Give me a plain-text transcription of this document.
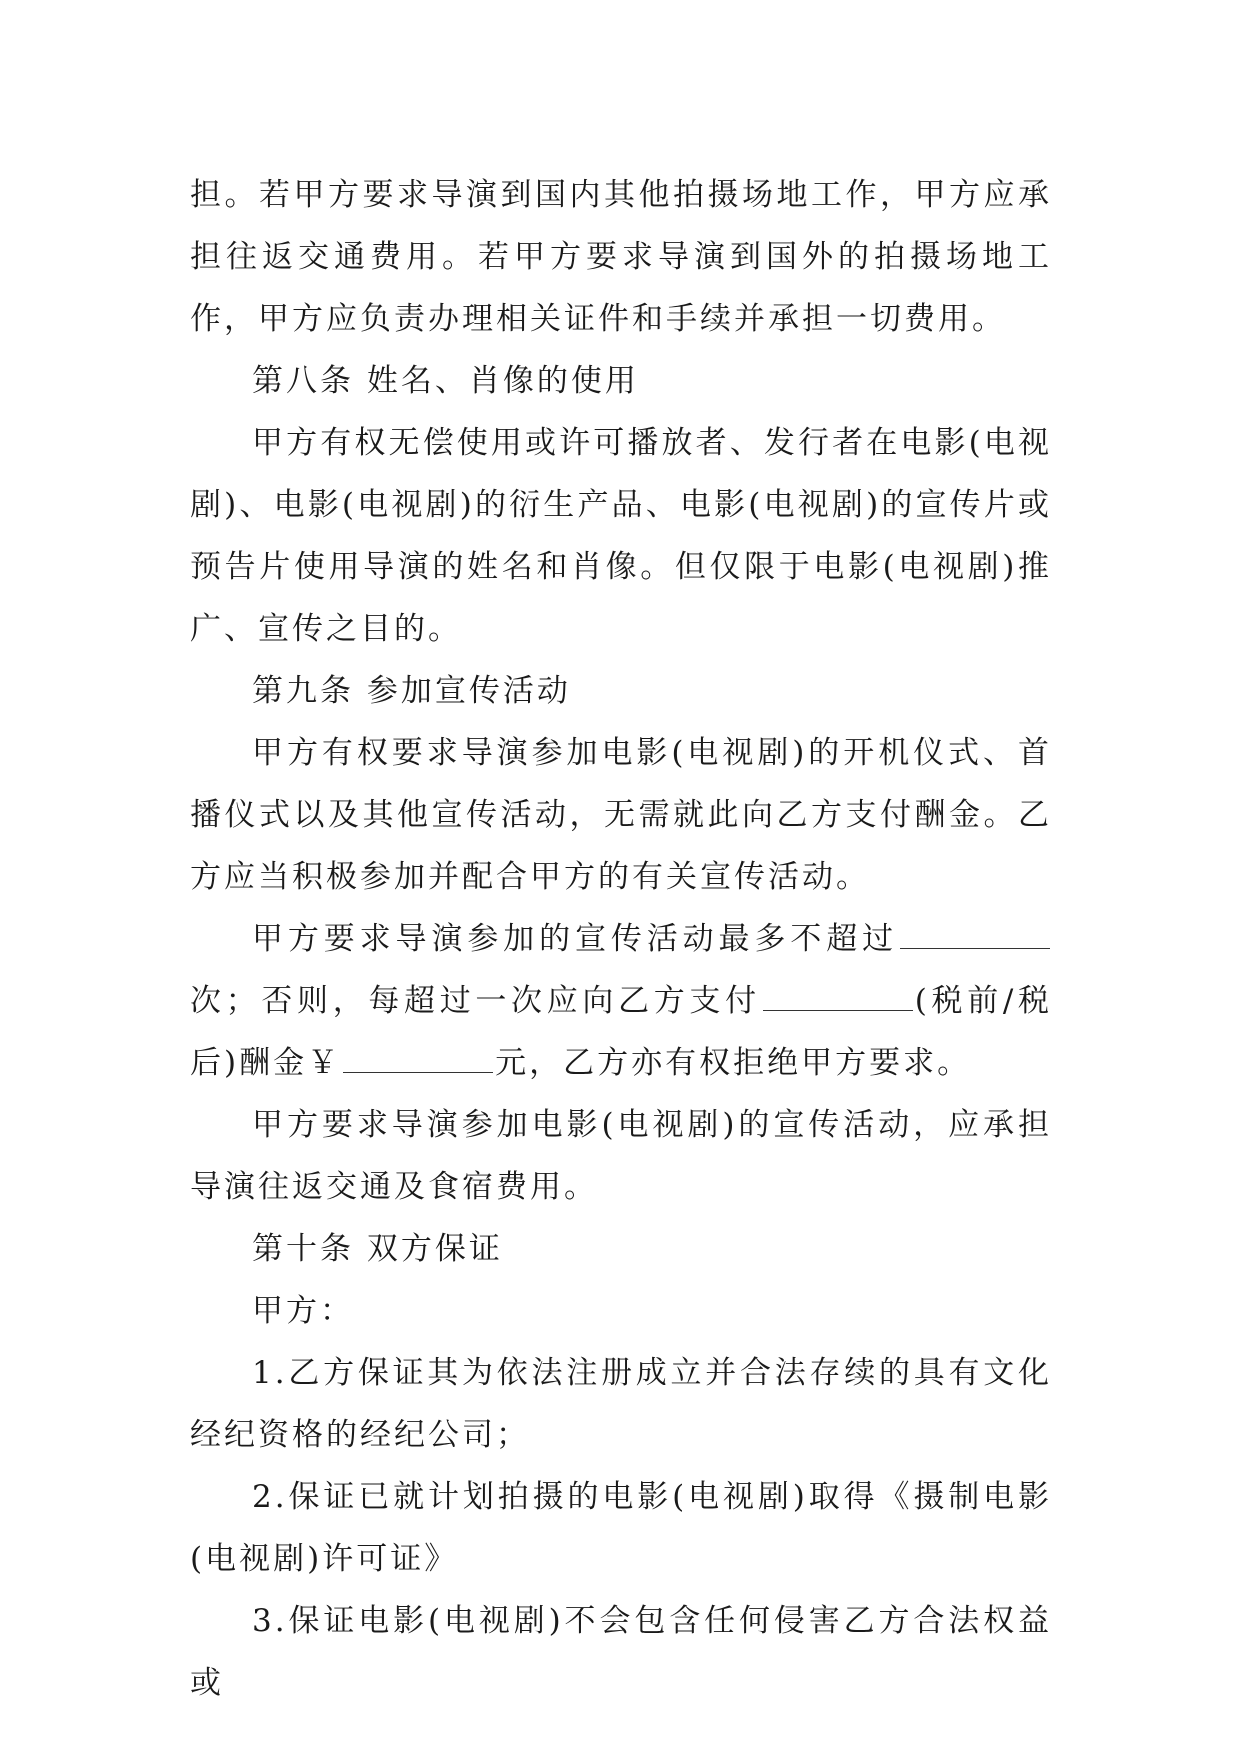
担。若甲方要求导演到国内其他拍摄场地工作，甲方应承担往返交通费用。若甲方要求导演到国外的拍摄场地工作，甲方应负责办理相关证件和手续并承担一切费用。

第八条 姓名、肖像的使用

甲方有权无偿使用或许可播放者、发行者在电影(电视剧)、电影(电视剧)的衍生产品、电影(电视剧)的宣传片或预告片使用导演的姓名和肖像。但仅限于电影(电视剧)推广、宣传之目的。

第九条 参加宣传活动

甲方有权要求导演参加电影(电视剧)的开机仪式、首播仪式以及其他宣传活动，无需就此向乙方支付酬金。乙方应当积极参加并配合甲方的有关宣传活动。

甲方要求导演参加的宣传活动最多不超过次；否则，每超过一次应向乙方支付	(税前/税后)酬金￥	元，乙方亦有权拒绝甲方要求。

甲方要求导演参加电影(电视剧)的宣传活动，应承担导演往返交通及食宿费用。

第十条 双方保证

甲方：

1.乙方保证其为依法注册成立并合法存续的具有文化经纪资格的经纪公司；

2.保证已就计划拍摄的电影(电视剧)取得《摄制电影(电视剧)许可证》

3.保证电影(电视剧)不会包含任何侵害乙方合法权益或
